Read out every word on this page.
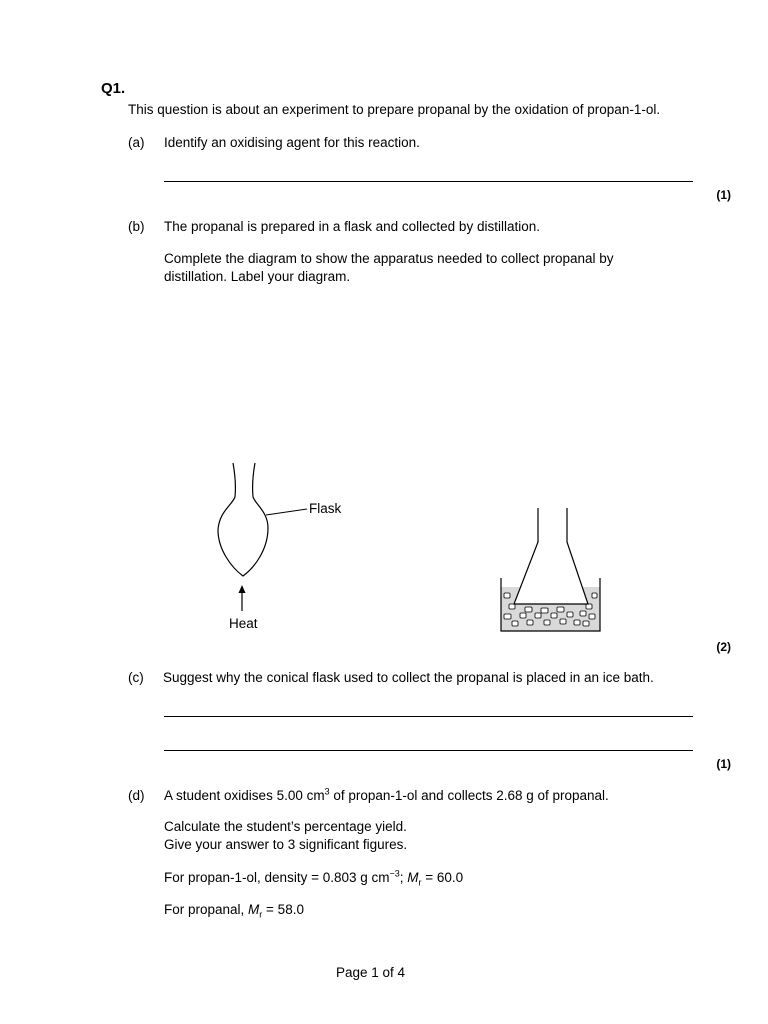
Q1.
This question is about an experiment to prepare propanal by the oxidation of propan-1-ol.
(a) Identify an oxidising agent for this reaction.
(1)
(b) The propanal is prepared in a flask and collected by distillation.
Complete the diagram to show the apparatus needed to collect propanal by
distillation. Label your diagram.
Flask
Heat
(2)
(c) Suggest why the conical flask used to collect the propanal is placed in an ice bath.
(1)
(d) A student oxidises 5.00 $cm^3$ of propan-1-ol and collects 2.68 g of propanal.
Calculate the student’s percentage yield.
Give your answer to 3 significant figures.
For propan-1-ol, density = 0.803 g $cm^{-3}$; $M_r = 60.0$
For propanal, $M_r = 58.0$
Page 1 of 4
